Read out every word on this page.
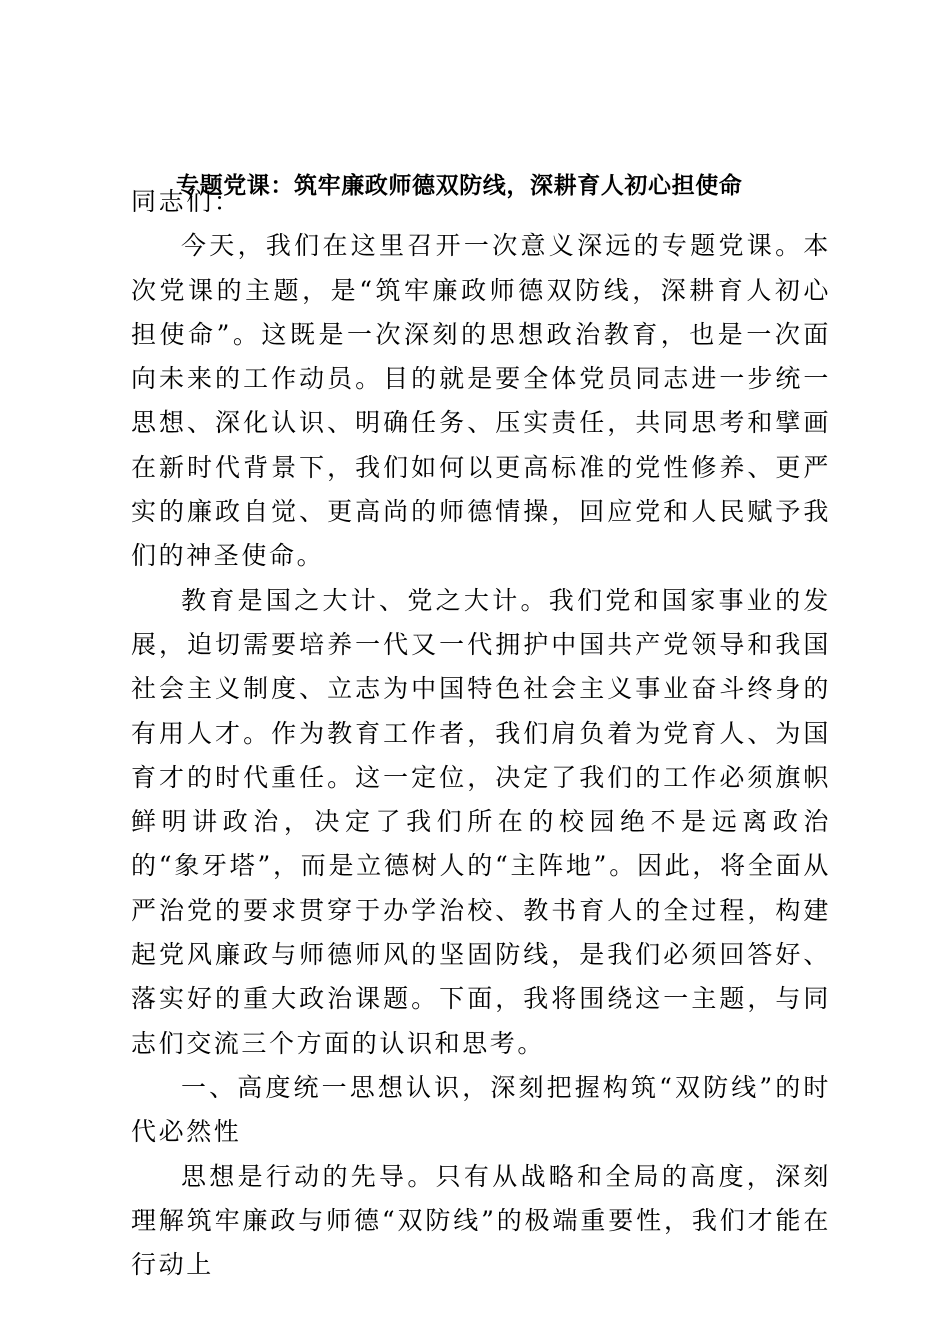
专题党课：筑牢廉政师德双防线，深耕育人初心担使命

同志们：

今天，我们在这里召开一次意义深远的专题党课。本次党课的主题，是“筑牢廉政师德双防线，深耕育人初心担使命”。这既是一次深刻的思想政治教育，也是一次面向未来的工作动员。目的就是要全体党员同志进一步统一思想、深化认识、明确任务、压实责任，共同思考和擘画在新时代背景下，我们如何以更高标准的党性修养、更严实的廉政自觉、更高尚的师德情操，回应党和人民赋予我们的神圣使命。

教育是国之大计、党之大计。我们党和国家事业的发展，迫切需要培养一代又一代拥护中国共产党领导和我国社会主义制度、立志为中国特色社会主义事业奋斗终身的有用人才。作为教育工作者，我们肩负着为党育人、为国育才的时代重任。这一定位，决定了我们的工作必须旗帜鲜明讲政治，决定了我们所在的校园绝不是远离政治的“象牙塔”，而是立德树人的“主阵地”。因此，将全面从严治党的要求贯穿于办学治校、教书育人的全过程，构建起党风廉政与师德师风的坚固防线，是我们必须回答好、落实好的重大政治课题。下面，我将围绕这一主题，与同志们交流三个方面的认识和思考。

一、高度统一思想认识，深刻把握构筑“双防线”的时代必然性

思想是行动的先导。只有从战略和全局的高度，深刻理解筑牢廉政与师德“双防线”的极端重要性，我们才能在行动上
